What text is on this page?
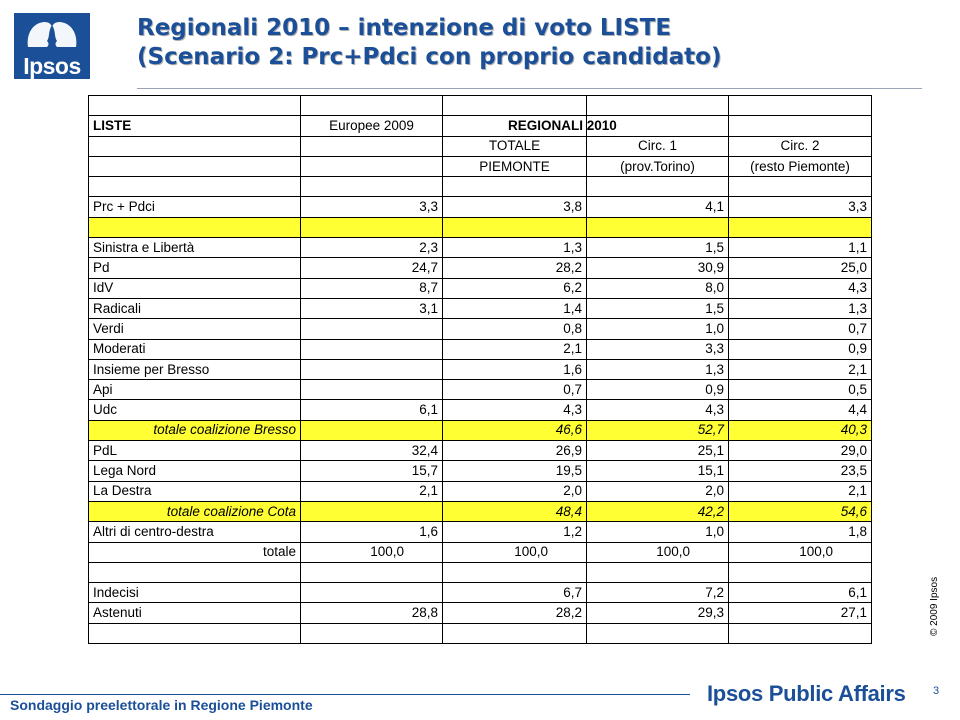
Ipsos
Regionali 2010 – intenzione di voto LISTE
(Scenario 2: Prc+Pdci con proprio candidato)

LISTE	Europee 2009		REGIONALI 2010	
		TOTALE	Circ. 1	Circ. 2
		PIEMONTE	(prov.Torino)	(resto Piemonte)

Prc + Pdci	3,3	3,8	4,1	3,3

Sinistra e Libertà	2,3	1,3	1,5	1,1
Pd	24,7	28,2	30,9	25,0
IdV	8,7	6,2	8,0	4,3
Radicali	3,1	1,4	1,5	1,3
Verdi		0,8	1,0	0,7
Moderati		2,1	3,3	0,9
Insieme per Bresso		1,6	1,3	2,1
Api		0,7	0,9	0,5
Udc	6,1	4,3	4,3	4,4
totale coalizione Bresso		46,6	52,7	40,3
PdL	32,4	26,9	25,1	29,0
Lega Nord	15,7	19,5	15,1	23,5
La Destra	2,1	2,0	2,0	2,1
totale coalizione Cota		48,4	42,2	54,6
Altri di centro-destra	1,6	1,2	1,0	1,8
totale	100,0	100,0	100,0	100,0

Indecisi		6,7	7,2	6,1
Astenuti	28,8	28,2	29,3	27,1
					© 2009 Ipsos
Sondaggio preelettorale in Regione Piemonte	Ipsos Public Affairs 3
